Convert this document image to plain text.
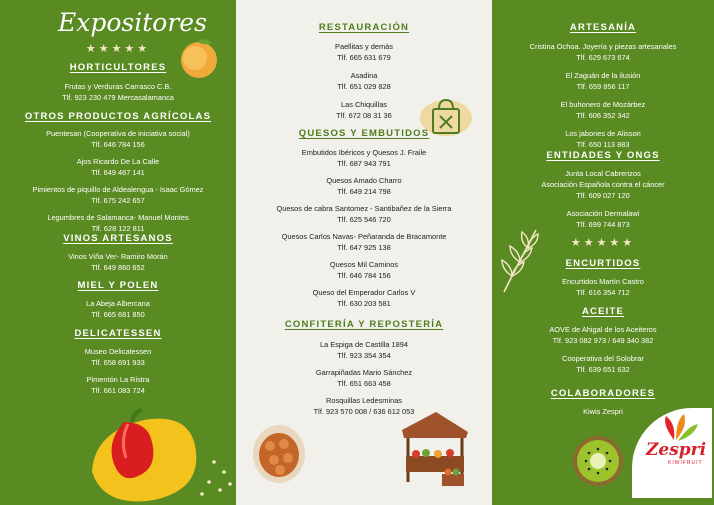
Expositores
★★★★★

HORTICULTORES

Frutas y Verduras Carrasco C.B.

Tlf. 923 230 479 Mercasalamanca

OTROS PRODUCTOS AGRÍCOLAS

Puentesan (Cooperativa de iniciativa social)

Tlf. 646 784 156

Ajos Ricardo De La Calle

Tlf. 649 467 141

Pimientos de piquillo de Aldealengua - Isaac Gómez

Tlf. 675 242 657

Legumbres de Salamanca- Manuel Montes

Tlf. 628 122 811

VINOS ARTESANOS

Vinos Viña Ver- Ramiro Morán

Tlf. 649 860 652

MIEL Y POLEN

La Abeja Albercana

Tlf. 665 681 850

DELICATESSEN

Museo Delicatessen

Tlf. 658 691 933

Pimentón La Ristra

Tlf. 661 083 724

RESTAURACIÓN

Paellitas y demás

Tlf. 665 631 679

Asadina

Tlf. 651 029 828

Las Chiquillas

Tlf. 672 08 31 36

QUESOS Y EMBUTIDOS

Embutidos Ibéricos y Quesos J. Fraile

Tlf. 687 943 791

Quesos Amado Charro

Tlf. 649 214 798

Quesos de cabra Santomez - Santibañez de la Sierra

Tlf. 625 546 720

Quesos Carlos Navas- Peñaranda de Bracamonte

Tlf. 647 925 138

Quesos Mil Caminos

Tlf. 646 784 156

Queso del Emperador Carlos V

Tlf. 630 203 581

CONFITERÍA Y REPOSTERÍA

La Espiga de Castilla 1894

Tlf. 923 354 354

Garrapiñadas Mario Sánchez

Tlf. 651 663 458

Rosquillas Ledesminas

Tlf. 923 570 008 / 636 612 053

ARTESANÍA

Cristina Ochoa. Joyería y piezas artesanales

Tlf. 629 673 674

El Zaguán de la ilusión

Tlf. 659 856 117

El buhonero de Mozárbez

Tlf. 606 352 342

Los jabones de Alisson

Tlf. 650 113 883

ENTIDADES Y ONGS

Junta Local Cabrerizos

Asociación Española contra el cáncer

Tlf. 609 027 120

Asociación Dermalawi

Tlf. 699 744 873

★★★★★

ENCURTIDOS

Encurtidos Martín Castro

Tlf. 616 354 712

ACEITE

AOVE de Ahigal de los Aceiteros

Tlf. 923 082 973 / 649 340 382

Cooperativa del Solobrar

Tlf. 639 651 632

COLABORADORES

Kiwis Zespri

Zespri
KIWIFRUIT
